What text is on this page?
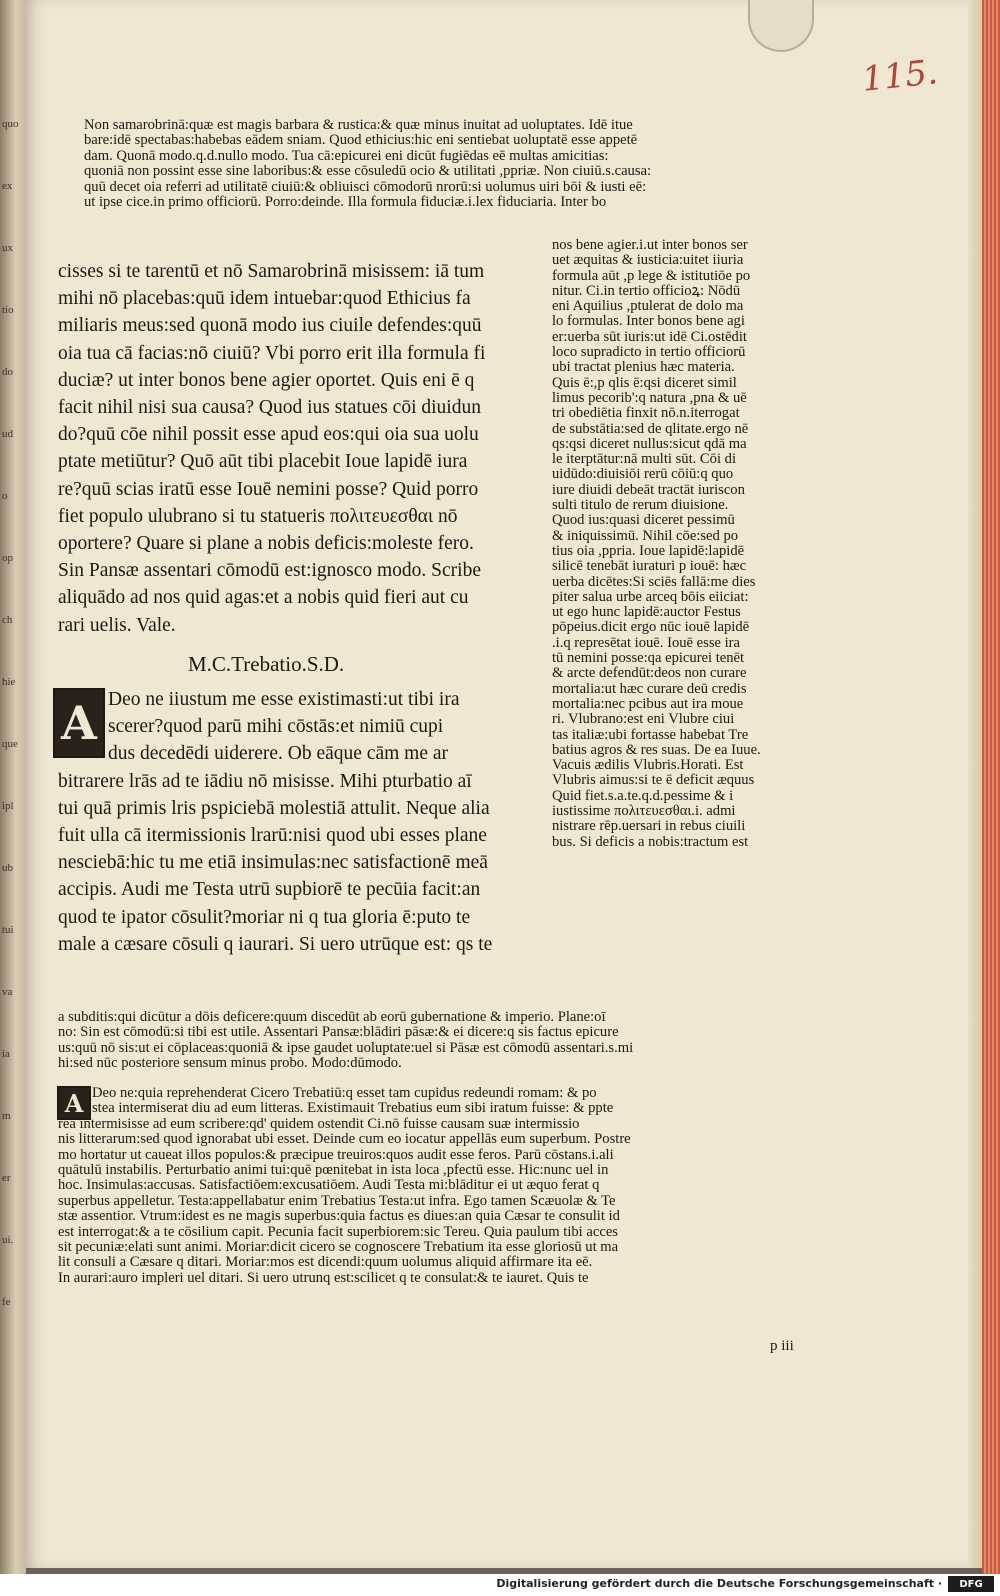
quo
ex
ux
tio
do
ud
o
op
ch
hie
que
ipl
ub
tui
va
ia
m
er
ui.
fe
115.
Non samarobrinā:quæ est magis barbara & rustica:& quæ minus inuitat ad uoluptates. Idē itue
bare:idē spectabas:habebas eādem sniam. Quod ethicius:hic eni sentiebat uoluptatē esse appetē
dam. Quonā modo.q.d.nullo modo. Tua cā:epicurei eni dicūt fugiēdas eē multas amicitias:
quoniā non possint esse sine laboribus:& esse cōsuledū ocio & utilitati ,ppriæ. Non ciuiū.s.causa:
quū decet oia referri ad utilitatē ciuiū:& obliuisci cōmodorū nrorū:si uolumus uiri bōi & iusti eē:
ut ipse cice.in primo officiorū. Porro:deinde. Illa formula fiduciæ.i.lex fiduciaria. Inter bo
cisses si te tarentū et nō Samarobrinā misissem: iā tum
mihi nō placebas:quū idem intuebar:quod Ethicius fa
miliaris meus:sed quonā modo ius ciuile defendes:quū
oia tua cā facias:nō ciuiū? Vbi porro erit illa formula fi
duciæ? ut inter bonos bene agier oportet. Quis eni ē q
facit nihil nisi sua causa? Quod ius statues cōi diuidun
do?quū cōe nihil possit esse apud eos:qui oia sua uolu
ptate metiūtur? Quō aūt tibi placebit Ioue lapidē iura
re?quū scias iratū esse Iouē nemini posse? Quid porro
fiet populo ulubrano si tu statueris πολιτευεσθαι nō
oportere? Quare si plane a nobis deficis:moleste fero.
Sin Pansæ assentari cōmodū est:ignosco modo. Scribe
aliquādo ad nos quid agas:et a nobis quid fieri aut cu
rari uelis. Vale.
M.C.Trebatio.S.D.
A Deo ne iiustum me esse existimasti:ut tibi ira
scerer?quod parū mihi cōstās:et nimiū cupi
dus decedēdi uiderere. Ob eāque cām me ar
bitrarere lrās ad te iādiu nō misisse. Mihi pturbatio aī
tui quā primis lris pspiciebā molestiā attulit. Neque alia
fuit ulla cā itermissionis lrarū:nisi quod ubi esses plane
nesciebā:hic tu me etiā insimulas:nec satisfactionē meā
accipis. Audi me Testa utrū supbiorē te pecūia facit:an
quod te ipator cōsulit?moriar ni q tua gloria ē:puto te
male a cæsare cōsuli q iaurari. Si uero utrūque est: qs te
nos bene agier.i.ut inter bonos ser
uet æquitas & iusticia:uitet iiuria
formula aūt ,p lege & istitutiōe po
nitur. Ci.in tertio officioꝝ: Nōdū
eni Aquilius ,ptulerat de dolo ma
lo formulas. Inter bonos bene agi
er:uerba sūt iuris:ut idē Ci.ostēdit
loco supradicto in tertio officiorū
ubi tractat plenius hæc materia.
Quis ē:,p qlis ē:qsi diceret simil
limus pecorib':q natura ,pna & uē
tri obediētia finxit nō.n.iterrogat
de substātia:sed de qlitate.ergo nē
qs:qsi diceret nullus:sicut qdā ma
le iterptātur:nā multi sūt. Cōi di
uidūdo:diuisiōi rerū cōiū:q quo
iure diuidi debeāt tractāt iuriscon
sulti titulo de rerum diuisione.
Quod ius:quasi diceret pessimū
& iniquissimū. Nihil cōe:sed po
tius oia ,ppria. Ioue lapidē:lapidē
silicē tenebāt iuraturi p iouē: hæc
uerba dicētes:Si sciēs fallā:me dies
piter salua urbe arceq bōis eiiciat:
ut ego hunc lapidē:auctor Festus
pōpeius.dicit ergo nūc iouē lapidē
.i.q represētat iouē. Iouē esse ira
tū nemini posse:qa epicurei tenēt
& arcte defendūt:deos non curare
mortalia:ut hæc curare deū credis
mortalia:nec pcibus aut ira moue
ri. Vlubrano:est eni Vlubre ciui
tas italiæ:ubi fortasse habebat Tre
batius agros & res suas. De ea Iuue.
Vacuis ædilis Vlubris.Horati. Est
Vlubris aimus:si te ē deficit æquus
Quid fiet.s.a.te.q.d.pessime & i
iustissime πολιτευεσθαι.i. admi
nistrare rēp.uersari in rebus ciuili
bus. Si deficis a nobis:tractum est
a subditis:qui dicūtur a dōis deficere:quum discedūt ab eorū gubernatione & imperio. Plane:oī
no: Sin est cōmodū:si tibi est utile. Assentari Pansæ:blādiri pāsæ:& ei dicere:q sis factus epicure
us:quū nō sis:ut ei cōplaceas:quoniā & ipse gaudet uoluptate:uel si Pāsæ est cōmodū assentari.s.mi
hi:sed nūc posteriore sensum minus probo. Modo:dūmodo.
A Deo ne:quia reprehenderat Cicero Trebatiū:q esset tam cupidus redeundi romam: & po
stea intermiserat diu ad eum litteras. Existimauit Trebatius eum sibi iratum fuisse: & ppte
rea intermisisse ad eum scribere:qd' quidem ostendit Ci.nō fuisse causam suæ intermissio
nis litterarum:sed quod ignorabat ubi esset. Deinde cum eo iocatur appellās eum superbum. Postre
mo hortatur ut caueat illos populos:& præcipue treuiros:quos audit esse feros. Parū cōstans.i.ali
quātulū instabilis. Perturbatio animi tui:quē pœnitebat in ista loca ,pfectū esse. Hic:nunc uel in
hoc. Insimulas:accusas. Satisfactiōem:excusatiōem. Audi Testa mi:blāditur ei ut æquo ferat q
superbus appelletur. Testa:appellabatur enim Trebatius Testa:ut infra. Ego tamen Scæuolæ & Te
stæ assentior. Vtrum:idest es ne magis superbus:quia factus es diues:an quia Cæsar te consulit id
est interrogat:& a te cōsilium capit. Pecunia facit superbiorem:sic Tereu. Quia paulum tibi acces
sit pecuniæ:elati sunt animi. Moriar:dicit cicero se cognoscere Trebatium ita esse gloriosū ut ma
lit consuli a Cæsare q ditari. Moriar:mos est dicendi:quum uolumus aliquid affirmare ita eē.
In aurari:auro impleri uel ditari. Si uero utrunq est:scilicet q te consulat:& te iauret. Quis te
p iii
Digitalisierung gefördert durch die Deutsche Forschungsgemeinschaft ·	DFG
